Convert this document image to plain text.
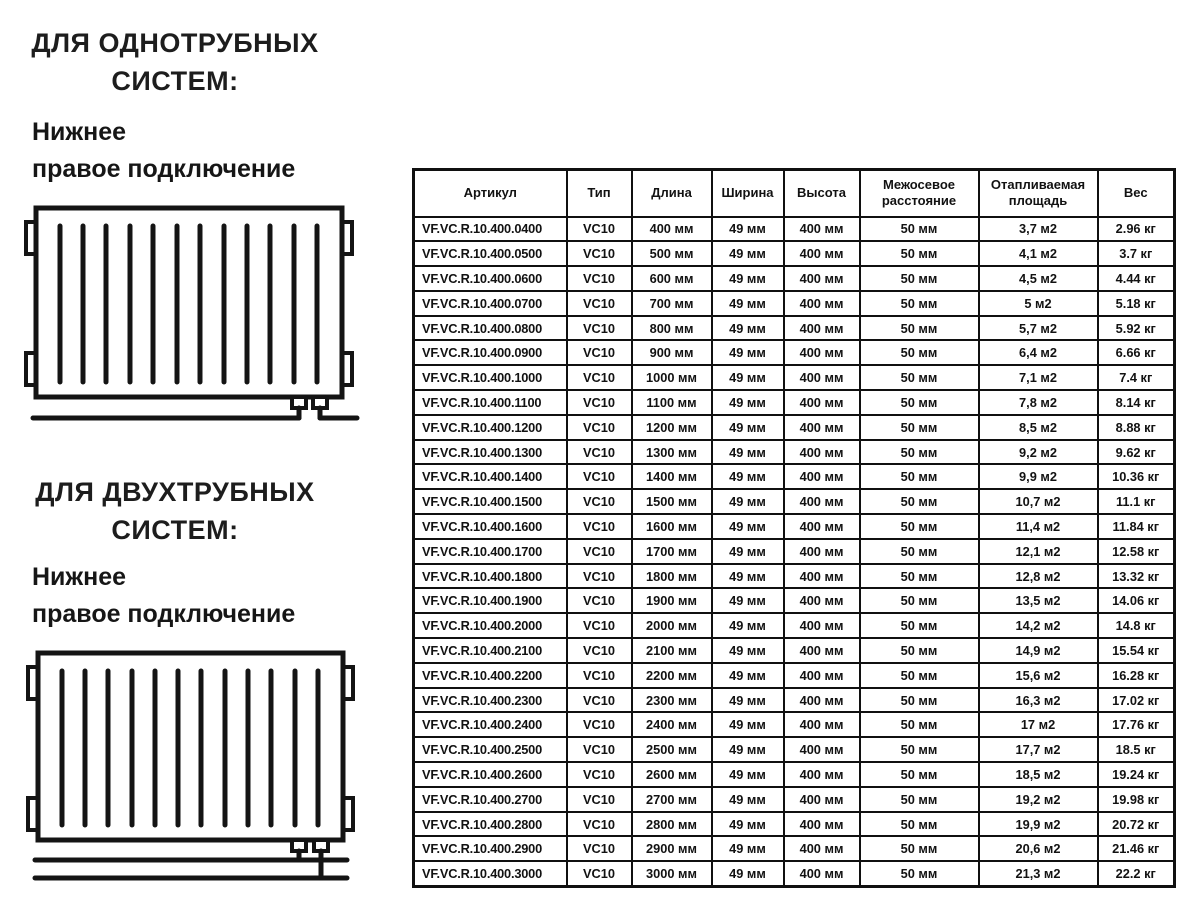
ДЛЯ ОДНОТРУБНЫХ
СИСТЕМ:
Нижнее
правое подключение
ДЛЯ ДВУХТРУБНЫХ
СИСТЕМ:
Нижнее
правое подключение
Артикул	Тип	Длина	Ширина	Высота	Межосевое расстояние	Отапливаемая площадь	Вес
VF.VC.R.10.400.0400	VC10	400 мм	49 мм	400 мм	50 мм	3,7 м2	2.96 кг
VF.VC.R.10.400.0500	VC10	500 мм	49 мм	400 мм	50 мм	4,1 м2	3.7 кг
VF.VC.R.10.400.0600	VC10	600 мм	49 мм	400 мм	50 мм	4,5 м2	4.44 кг
VF.VC.R.10.400.0700	VC10	700 мм	49 мм	400 мм	50 мм	5 м2	5.18 кг
VF.VC.R.10.400.0800	VC10	800 мм	49 мм	400 мм	50 мм	5,7 м2	5.92 кг
VF.VC.R.10.400.0900	VC10	900 мм	49 мм	400 мм	50 мм	6,4 м2	6.66 кг
VF.VC.R.10.400.1000	VC10	1000 мм	49 мм	400 мм	50 мм	7,1 м2	7.4 кг
VF.VC.R.10.400.1100	VC10	1100 мм	49 мм	400 мм	50 мм	7,8 м2	8.14 кг
VF.VC.R.10.400.1200	VC10	1200 мм	49 мм	400 мм	50 мм	8,5 м2	8.88 кг
VF.VC.R.10.400.1300	VC10	1300 мм	49 мм	400 мм	50 мм	9,2 м2	9.62 кг
VF.VC.R.10.400.1400	VC10	1400 мм	49 мм	400 мм	50 мм	9,9 м2	10.36 кг
VF.VC.R.10.400.1500	VC10	1500 мм	49 мм	400 мм	50 мм	10,7 м2	11.1 кг
VF.VC.R.10.400.1600	VC10	1600 мм	49 мм	400 мм	50 мм	11,4 м2	11.84 кг
VF.VC.R.10.400.1700	VC10	1700 мм	49 мм	400 мм	50 мм	12,1 м2	12.58 кг
VF.VC.R.10.400.1800	VC10	1800 мм	49 мм	400 мм	50 мм	12,8 м2	13.32 кг
VF.VC.R.10.400.1900	VC10	1900 мм	49 мм	400 мм	50 мм	13,5 м2	14.06 кг
VF.VC.R.10.400.2000	VC10	2000 мм	49 мм	400 мм	50 мм	14,2 м2	14.8 кг
VF.VC.R.10.400.2100	VC10	2100 мм	49 мм	400 мм	50 мм	14,9 м2	15.54 кг
VF.VC.R.10.400.2200	VC10	2200 мм	49 мм	400 мм	50 мм	15,6 м2	16.28 кг
VF.VC.R.10.400.2300	VC10	2300 мм	49 мм	400 мм	50 мм	16,3 м2	17.02 кг
VF.VC.R.10.400.2400	VC10	2400 мм	49 мм	400 мм	50 мм	17 м2	17.76 кг
VF.VC.R.10.400.2500	VC10	2500 мм	49 мм	400 мм	50 мм	17,7 м2	18.5 кг
VF.VC.R.10.400.2600	VC10	2600 мм	49 мм	400 мм	50 мм	18,5 м2	19.24 кг
VF.VC.R.10.400.2700	VC10	2700 мм	49 мм	400 мм	50 мм	19,2 м2	19.98 кг
VF.VC.R.10.400.2800	VC10	2800 мм	49 мм	400 мм	50 мм	19,9 м2	20.72 кг
VF.VC.R.10.400.2900	VC10	2900 мм	49 мм	400 мм	50 мм	20,6 м2	21.46 кг
VF.VC.R.10.400.3000	VC10	3000 мм	49 мм	400 мм	50 мм	21,3 м2	22.2 кг
